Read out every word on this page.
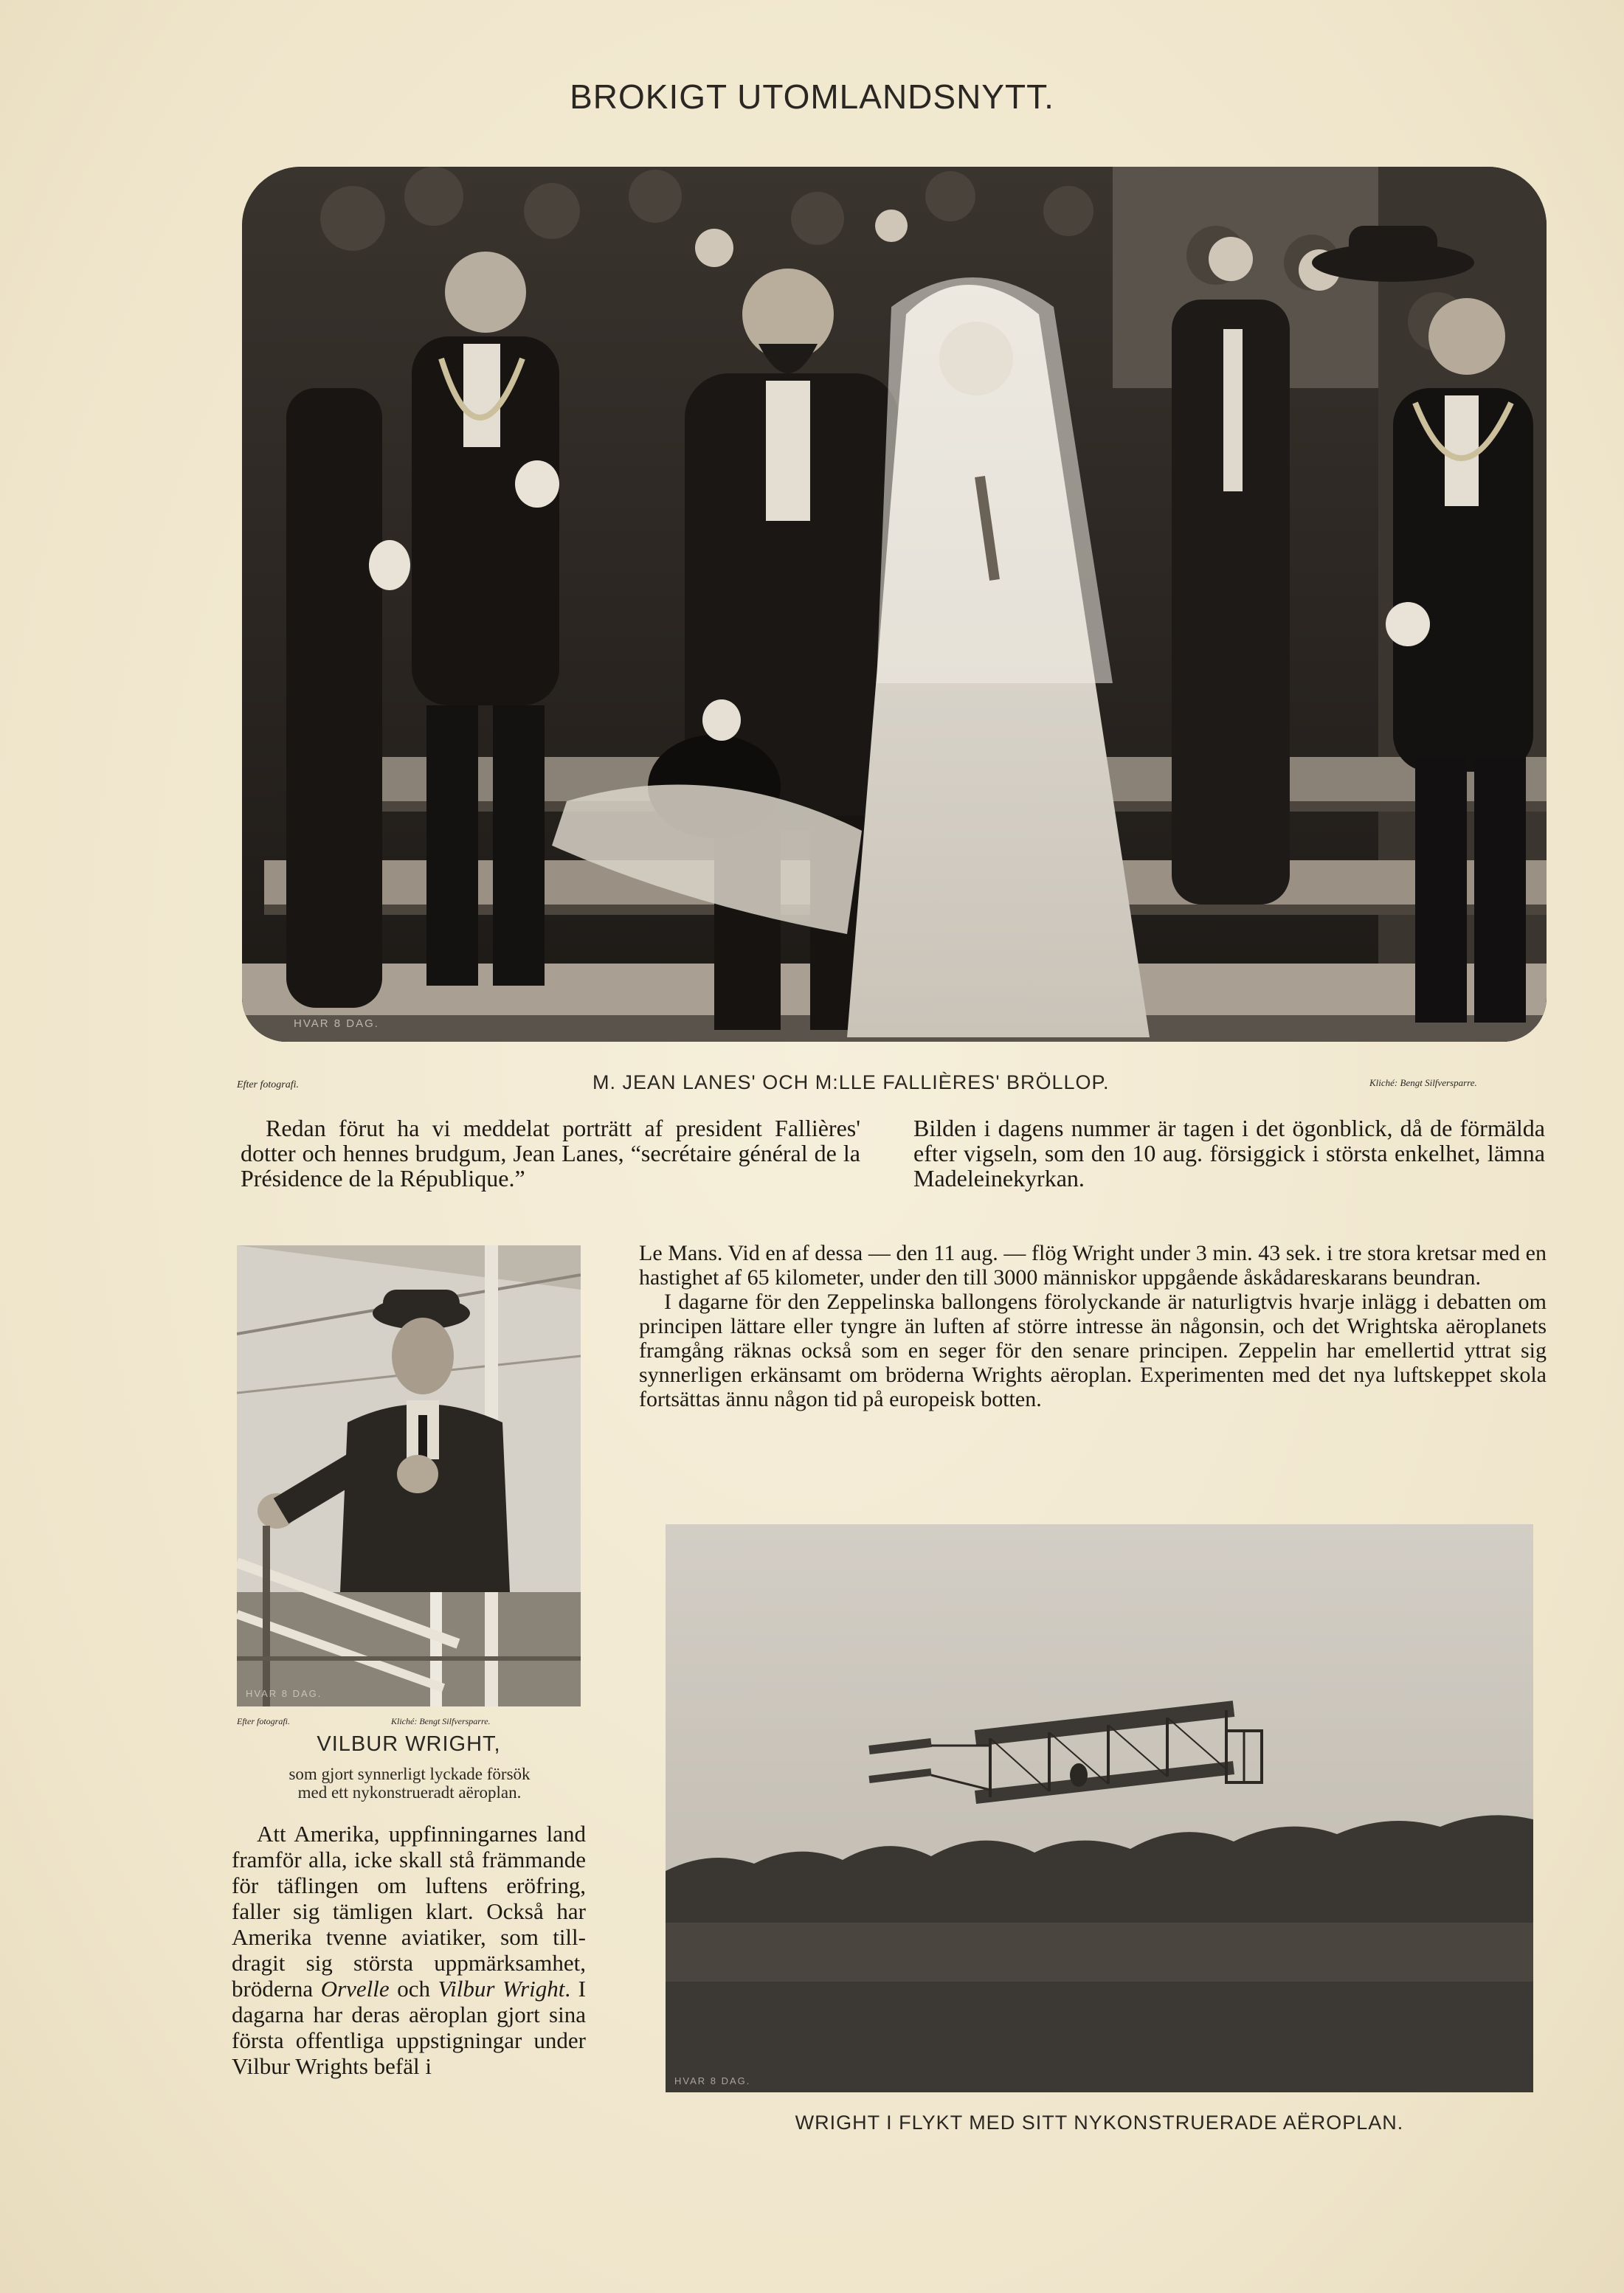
BROKIGT UTOMLANDSNYTT.
HVAR 8 DAG.
Efter fotografi.	M. JEAN LANES' OCH M:LLE FALLIÈRES' BRÖLLOP.	Kliché: Bengt Silfversparre.

Redan förut ha vi meddelat porträtt af president Fallières' dotter och hennes brudgum, Jean Lanes, “secrétaire général de la Présidence de la République.”

Bilden i dagens nummer är tagen i det ögonblick, då de förmälda efter vigseln, som den 10 aug. försiggick i största enkelhet, lämna Madeleinekyrkan.

HVAR 8 DAG.
Efter fotografi.	Kliché: Bengt Silfversparre.
VILBUR WRIGHT,
som gjort synnerligt lyckade försök
med ett nykonstrueradt aëroplan.

Att Amerika, uppfinningarnes land framför alla, icke skall stå främmande för täflingen om luftens eröfring, faller sig tämligen klart. Också har Amerika tvenne aviatiker, som tilldragit sig största uppmärksamhet, bröderna Orvelle och Vilbur Wright. I dagarna har deras aëroplan gjort sina första offentliga uppstigningar under Vilbur Wrights befäl i

Le Mans. Vid en af dessa — den 11 aug. — flög Wright under 3 min. 43 sek. i tre stora kretsar med en hastighet af 65 kilometer, under den till 3000 människor uppgående åskådareskarans beundran.

I dagarne för den Zeppelinska ballongens förolyckande är naturligtvis hvarje inlägg i debatten om principen lättare eller tyngre än luften af större intresse än någonsin, och det Wrightska aëroplanets framgång räknas också som en seger för den senare principen. Zeppelin har emellertid yttrat sig synnerligen erkänsamt om bröderna Wrights aëroplan. Experimenten med det nya luftskeppet skola fortsättas ännu någon tid på europeisk botten.

HVAR 8 DAG.
WRIGHT I FLYKT MED SITT NYKONSTRUERADE AËROPLAN.
